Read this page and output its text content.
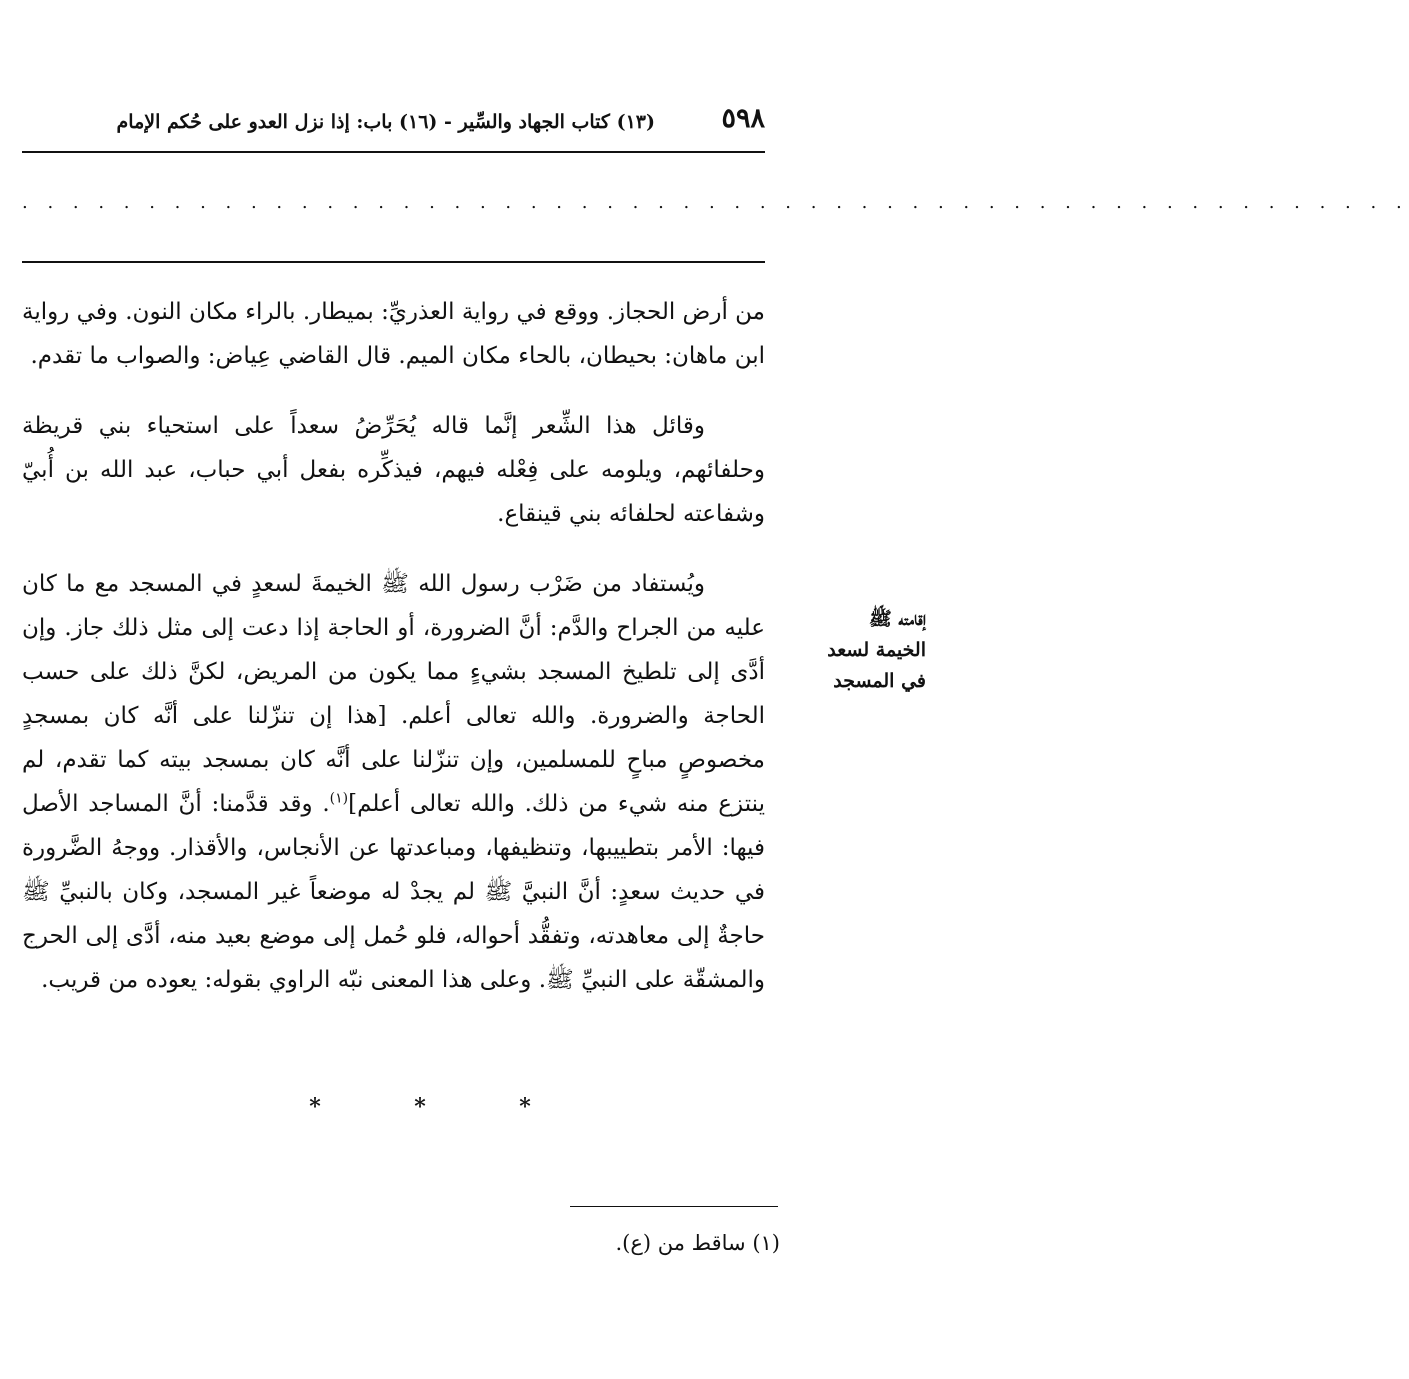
٥٩٨
(١٣) كتاب الجهاد والسِّير - (١٦) باب: إذا نزل العدو على حُكم الإمام
. . . . . . . . . . . . . . . . . . . . . . . . . . . . . . . . . . . . . . . . . . . . . . . . . . . . . . .

من أرض الحجاز. ووقع في رواية العذريِّ: بميطار. بالراء مكان النون. وفي رواية ابن ماهان: بحيطان، بالحاء مكان الميم. قال القاضي عِياض: والصواب ما تقدم.

وقائل هذا الشِّعر إنَّما قاله يُحَرِّضُ سعداً على استحياء بني قريظة وحلفائهم، ويلومه على فِعْله فيهم، فيذكِّره بفعل أبي حباب، عبد الله بن أُبيّ وشفاعته لحلفائه بني قينقاع.

ويُستفاد من ضَرْب رسول الله ﷺ الخيمةَ لسعدٍ في المسجد مع ما كان عليه من الجراح والدَّم: أنَّ الضرورة، أو الحاجة إذا دعت إلى مثل ذلك جاز. وإن أدَّى إلى تلطيخ المسجد بشيءٍ مما يكون من المريض، لكنَّ ذلك على حسب الحاجة والضرورة. والله تعالى أعلم. [هذا إن تنزّلنا على أنَّه كان بمسجدٍ مخصوصٍ مباحٍ للمسلمين، وإن تنزّلنا على أنَّه كان بمسجد بيته كما تقدم، لم ينتزع منه شيء من ذلك. والله تعالى أعلم]$^{(١)}$. وقد قدَّمنا: أنَّ المساجد الأصل فيها: الأمر بتطييبها، وتنظيفها، ومباعدتها عن الأنجاس، والأقذار. ووجهُ الضَّرورة في حديث سعدٍ: أنَّ النبيَّ ﷺ لم يجدْ له موضعاً غير المسجد، وكان بالنبيِّ ﷺ حاجةٌ إلى معاهدته، وتفقُّد أحواله، فلو حُمل إلى موضع بعيد منه، أدَّى إلى الحرج والمشقّة على النبيِّ ﷺ. وعلى هذا المعنى نبّه الراوي بقوله: يعوده من قريب.

إقامته ﷺ
الخيمة لسعد
في المسجد
*	*	*
(١) ساقط من (ع).
